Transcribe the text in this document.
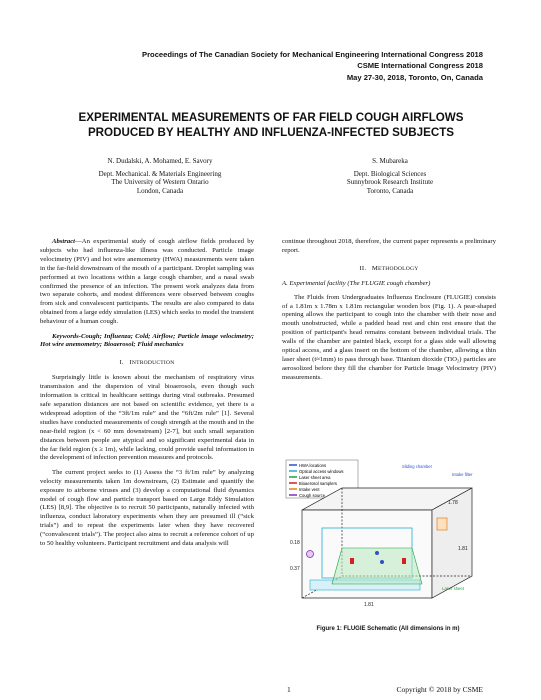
Proceedings of The Canadian Society for Mechanical Engineering International Congress 2018
CSME International Congress 2018
May 27-30, 2018, Toronto, On, Canada
EXPERIMENTAL MEASUREMENTS OF FAR FIELD COUGH AIRFLOWS
PRODUCED BY HEALTHY AND INFLUENZA-INFECTED SUBJECTS
N. Dudalski, A. Mohamed, E. Savory
Dept. Mechanical. & Materials Engineering
The University of Western Ontario
London, Canada
S. Mubareka
Dept. Biological Sciences
Sunnybrook Research Institute
Toronto, Canada

Abstract—An experimental study of cough airflow fields produced by subjects who had influenza-like illness was conducted. Particle image velocimetry (PIV) and hot wire anemometry (HWA) measurements were taken in the far-field downstream of the mouth of a participant. Droplet sampling was performed at two locations within a large cough chamber, and a nasal swab confirmed the presence of an infection. The present work analyzes data from two separate cohorts, and modest differences were observed between coughs from sick and convalescent participants. The results are also compared to data obtained from a large eddy simulation (LES) which seeks to model the transient behaviour of a human cough.

Keywords-Cough; Influenza; Cold; Airflow; Particle image velocimetry; Hot wire anemometry; Bioaerosol; Fluid mechanics

I. INTRODUCTION

Surprisingly little is known about the mechanism of respiratory virus transmission and the dispersion of viral bioaerosols, even though such information is critical in healthcare settings during viral outbreaks. Presumed safe separation distances are not based on scientific evidence, yet there is a widespread adoption of the “3ft/1m rule” and the “6ft/2m rule” [1]. Several studies have conducted measurements of cough strength at the mouth and in the near-field region (x < 60 mm downstream) [2-7], but such small separation distances between people are atypical and so significant experimental data in the far field region (x ≥ 1m), while lacking, could provide useful information in the development of infection prevention measures and protocols.

The current project seeks to (1) Assess the “3 ft/1m rule” by analyzing velocity measurements taken 1m downstream, (2) Estimate and quantify the exposure to airborne viruses and (3) develop a computational fluid dynamics model of cough flow and particle transport based on Large Eddy Simulation (LES) [8,9]. The objective is to recruit 50 participants, naturally infected with influenza, conduct laboratory experiments when they are presumed ill (“sick trials”) and to repeat the experiments later when they have recovered (“convalescent trials”). The project also aims to recruit a reference cohort of up to 50 healthy volunteers. Participant recruitment and data analysis will

continue throughout 2018, therefore, the current paper represents a preliminary report.

II. METHODOLOGY
A. Experimental facility (The FLUGIE cough chamber)

The Fluids from Undergraduates Influenza Enclosure (FLUGIE) consists of a 1.81m x 1.78m x 1.81m rectangular wooden box (Fig. 1). A pear-shaped opening allows the participant to cough into the chamber with their nose and mouth unobstructed, while a padded head rest and chin rest ensure that the position of participant's head remains constant between individual trials. The walls of the chamber are painted black, except for a glass side wall allowing optical access, and a glass insert on the bottom of the chamber, allowing a thin laser sheet (t≈1mm) to pass through base. Titanium dioxide (TiO₂) particles are aerosolized before they fill the chamber for Particle Image Velocimetry (PIV) measurements.

HWA locations
Optical access windows
Laser sheet area
Bioaerosol samplers
Intake vent
Cough source
1.78
1.81
0.37
0.18
1.81
Sliding chamber
Intake filter
Laser sheet
Figure 1: FLUGIE Schematic (All dimensions in m)
1	Copyright © 2018 by CSME
